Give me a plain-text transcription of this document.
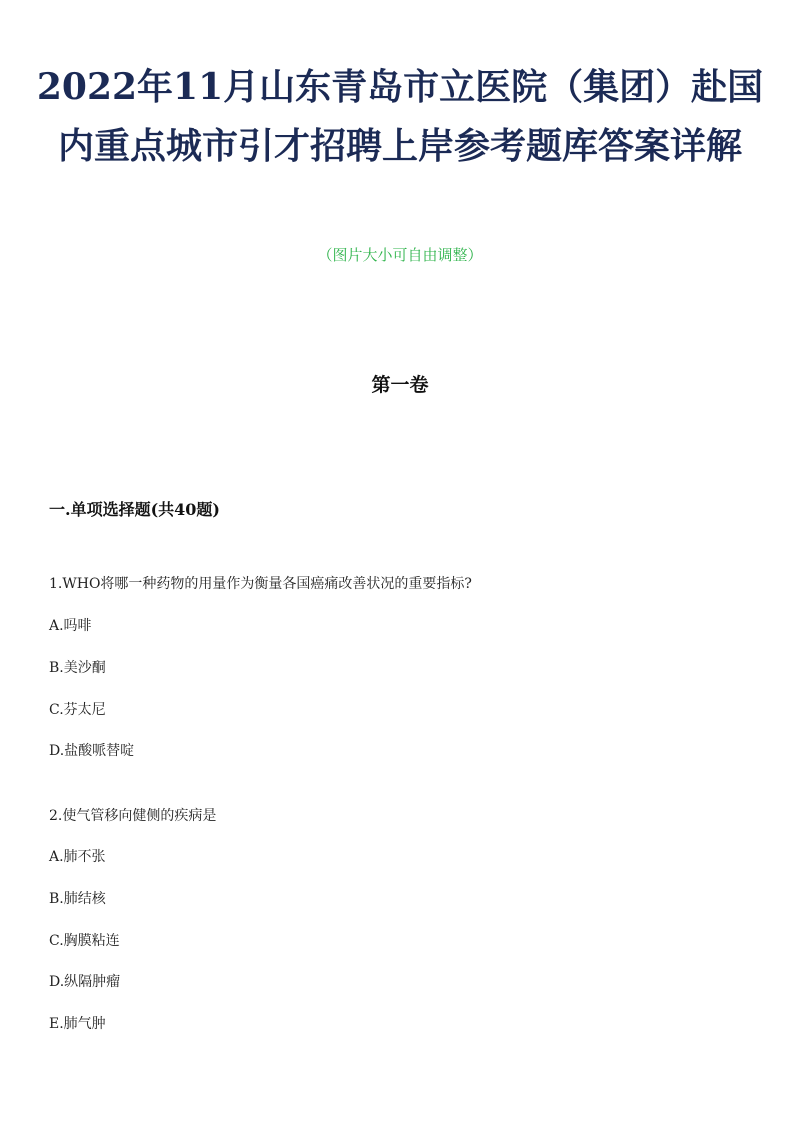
2022年11月山东青岛市立医院（集团）赴国内重点城市引才招聘上岸参考题库答案详解
（图片大小可自由调整）
第一卷
一.单项选择题(共40题)
1.WHO将哪一种药物的用量作为衡量各国癌痛改善状况的重要指标?
A.吗啡
B.美沙酮
C.芬太尼
D.盐酸哌替啶
2.使气管移向健侧的疾病是
A.肺不张
B.肺结核
C.胸膜粘连
D.纵隔肿瘤
E.肺气肿
